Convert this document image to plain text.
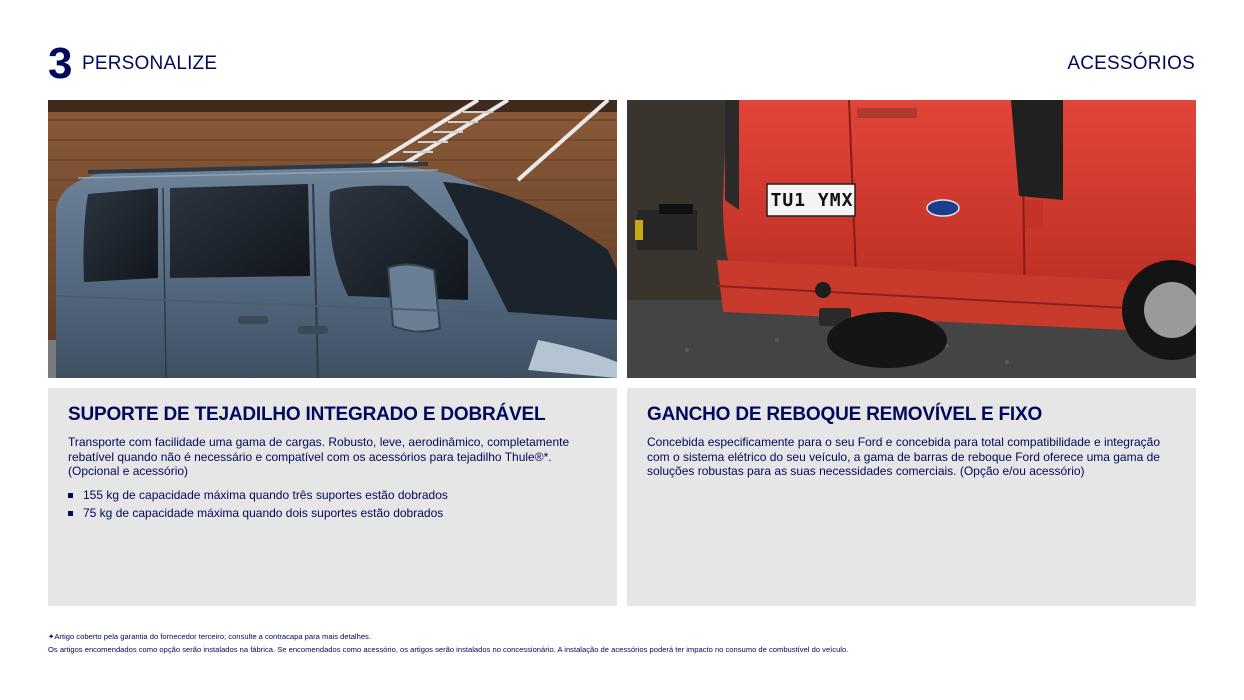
3 PERSONALIZE	ACESSÓRIOS
TU1 YMX
SUPORTE DE TEJADILHO INTEGRADO E DOBRÁVEL

Transporte com facilidade uma gama de cargas. Robusto, leve, aerodinâmico, completamente rebatível quando não é necessário e compatível com os acessórios para tejadilho Thule®*. (Opcional e acessório)

155 kg de capacidade máxima quando três suportes estão dobrados
75 kg de capacidade máxima quando dois suportes estão dobrados
GANCHO DE REBOQUE REMOVÍVEL E FIXO

Concebida especificamente para o seu Ford e concebida para total compatibilidade e integração com o sistema elétrico do seu veículo, a gama de barras de reboque Ford oferece uma gama de soluções robustas para as suas necessidades comerciais. (Opção e/ou acessório)

✦Artigo coberto pela garantia do fornecedor terceiro; consulte a contracapa para mais detalhes.
Os artigos encomendados como opção serão instalados na fábrica. Se encomendados como acessório, os artigos serão instalados no concessionário. A instalação de acessórios poderá ter impacto no consumo de combustível do veículo.
